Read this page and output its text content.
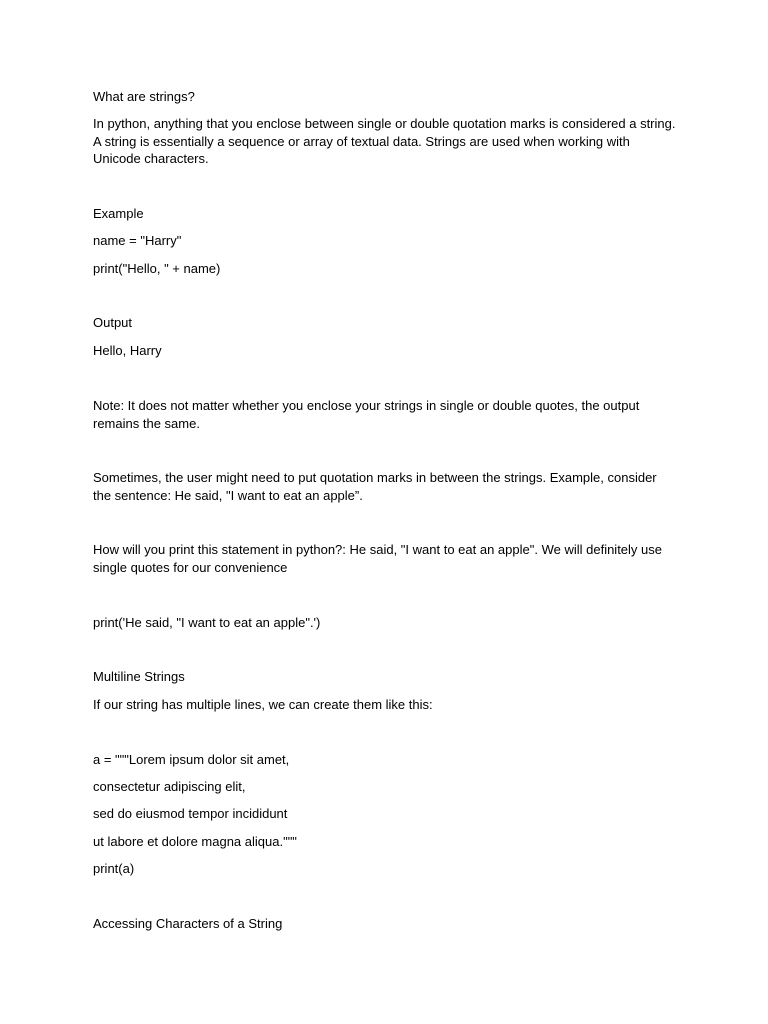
What are strings?

In python, anything that you enclose between single or double quotation marks is considered a string. A string is essentially a sequence or array of textual data. Strings are used when working with Unicode characters.

Example

name = "Harry"

print("Hello, " + name)

Output

Hello, Harry

Note: It does not matter whether you enclose your strings in single or double quotes, the output remains the same.

Sometimes, the user might need to put quotation marks in between the strings. Example, consider the sentence: He said, "I want to eat an apple”.

How will you print this statement in python?: He said, "I want to eat an apple". We will definitely use single quotes for our convenience

print('He said, "I want to eat an apple".')

Multiline Strings

If our string has multiple lines, we can create them like this:

a = """Lorem ipsum dolor sit amet,

consectetur adipiscing elit,

sed do eiusmod tempor incididunt

ut labore et dolore magna aliqua."""

print(a)

Accessing Characters of a String
